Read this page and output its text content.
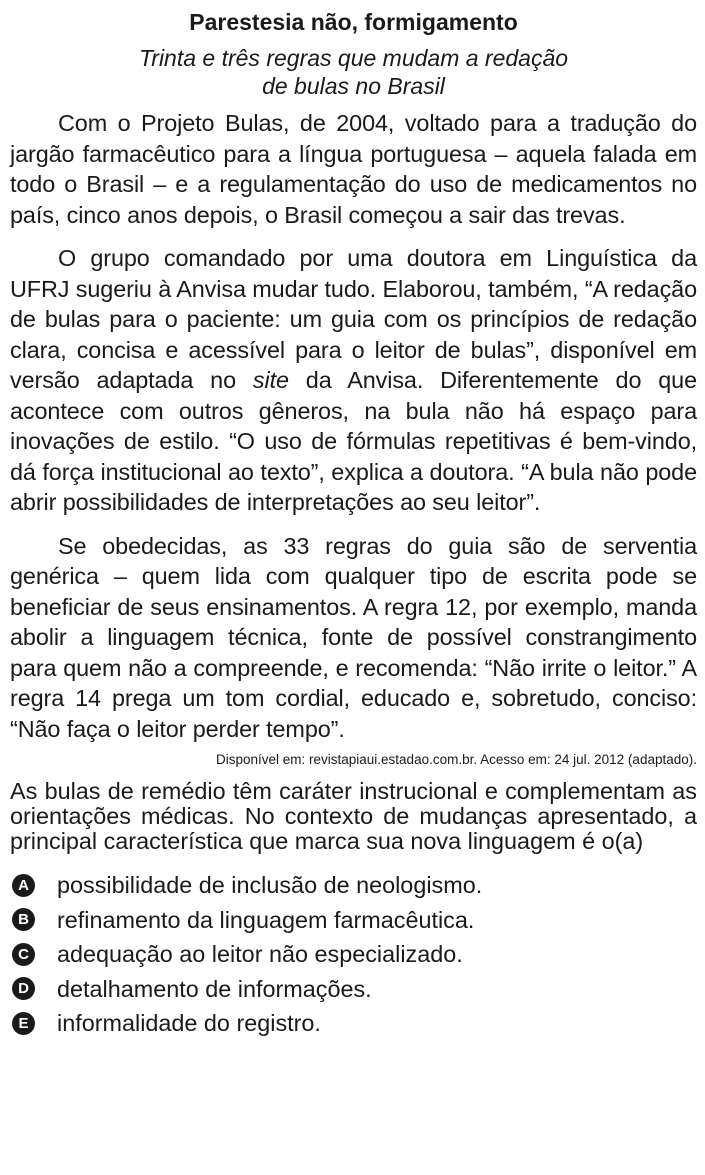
Parestesia não, formigamento

Trinta e três regras que mudam a redação
de bulas no Brasil

Com o Projeto Bulas, de 2004, voltado para a tradução do jargão farmacêutico para a língua portuguesa – aquela falada em todo o Brasil – e a regulamentação do uso de medicamentos no país, cinco anos depois, o Brasil começou a sair das trevas.

O grupo comandado por uma doutora em Linguística da UFRJ sugeriu à Anvisa mudar tudo. Elaborou, também, “A redação de bulas para o paciente: um guia com os princípios de redação clara, concisa e acessível para o leitor de bulas”, disponível em versão adaptada no site da Anvisa. Diferentemente do que acontece com outros gêneros, na bula não há espaço para inovações de estilo. “O uso de fórmulas repetitivas é bem-vindo, dá força institucional ao texto”, explica a doutora. “A bula não pode abrir possibilidades de interpretações ao seu leitor”.

Se obedecidas, as 33 regras do guia são de serventia genérica – quem lida com qualquer tipo de escrita pode se beneficiar de seus ensinamentos. A regra 12, por exemplo, manda abolir a linguagem técnica, fonte de possível constrangimento para quem não a compreende, e recomenda: “Não irrite o leitor.” A regra 14 prega um tom cordial, educado e, sobretudo, conciso: “Não faça o leitor perder tempo”.

Disponível em: revistapiaui.estadao.com.br. Acesso em: 24 jul. 2012 (adaptado).

As bulas de remédio têm caráter instrucional e complementam as orientações médicas. No contexto de mudanças apresentado, a principal característica que marca sua nova linguagem é o(a)

A possibilidade de inclusão de neologismo.
B refinamento da linguagem farmacêutica.
C adequação ao leitor não especializado.
D detalhamento de informações.
E informalidade do registro.
